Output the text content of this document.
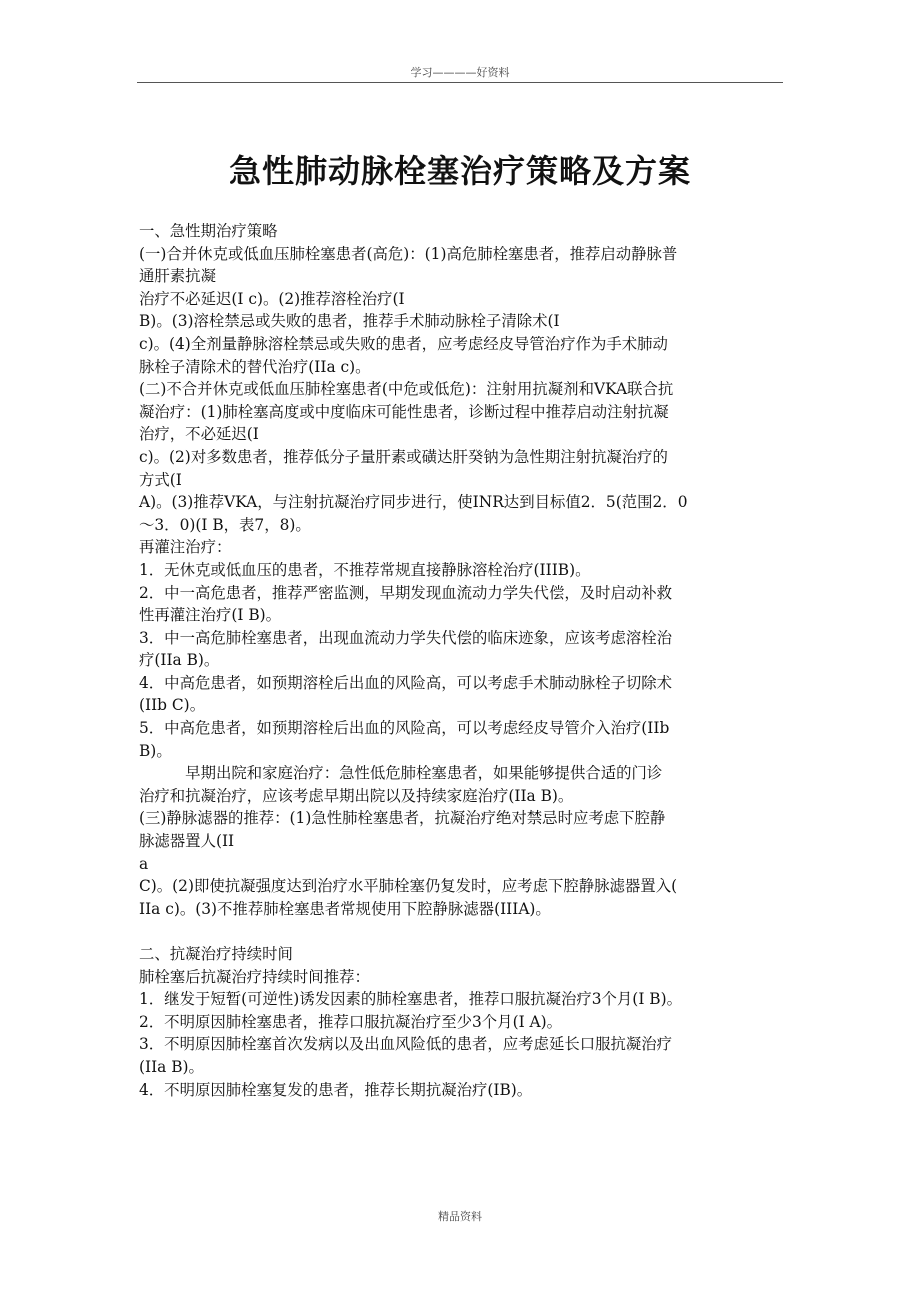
学习————好资料
急性肺动脉栓塞治疗策略及方案

一、急性期治疗策略

(一)合并休克或低血压肺栓塞患者(高危)：(1)高危肺栓塞患者，推荐启动静脉普

通肝素抗凝

治疗不必延迟(I c)。(2)推荐溶栓治疗(I

B)。(3)溶栓禁忌或失败的患者，推荐手术肺动脉栓子清除术(I

c)。(4)全剂量静脉溶栓禁忌或失败的患者，应考虑经皮导管治疗作为手术肺动

脉栓子清除术的替代治疗(IIa c)。

(二)不合并休克或低血压肺栓塞患者(中危或低危)：注射用抗凝剂和VKA联合抗

凝治疗：(1)肺栓塞高度或中度临床可能性患者，诊断过程中推荐启动注射抗凝

治疗，不必延迟(I

c)。(2)对多数患者，推荐低分子量肝素或磺达肝癸钠为急性期注射抗凝治疗的

方式(I

A)。(3)推荐VKA，与注射抗凝治疗同步进行，使INR达到目标值2．5(范围2．0

～3．0)(I B，表7，8)。

再灌注治疗：

1．无休克或低血压的患者，不推荐常规直接静脉溶栓治疗(IIIB)。

2．中一高危患者，推荐严密监测，早期发现血流动力学失代偿，及时启动补救

性再灌注治疗(I B)。

3．中一高危肺栓塞患者，出现血流动力学失代偿的临床迹象，应该考虑溶栓治

疗(IIa B)。

4．中高危患者，如预期溶栓后出血的风险高，可以考虑手术肺动脉栓子切除术

(IIb C)。

5．中高危患者，如预期溶栓后出血的风险高，可以考虑经皮导管介入治疗(IIb

B)。

　　　早期出院和家庭治疗：急性低危肺栓塞患者，如果能够提供合适的门诊

治疗和抗凝治疗，应该考虑早期出院以及持续家庭治疗(IIa B)。

(三)静脉滤器的推荐：(1)急性肺栓塞患者，抗凝治疗绝对禁忌时应考虑下腔静

脉滤器置人(II

a

C)。(2)即使抗凝强度达到治疗水平肺栓塞仍复发时，应考虑下腔静脉滤器置入(

IIa c)。(3)不推荐肺栓塞患者常规使用下腔静脉滤器(IIIA)。

二、抗凝治疗持续时间

肺栓塞后抗凝治疗持续时间推荐：

1．继发于短暂(可逆性)诱发因素的肺栓塞患者，推荐口服抗凝治疗3个月(I B)。

2．不明原因肺栓塞患者，推荐口服抗凝治疗至少3个月(I A)。

3．不明原因肺栓塞首次发病以及出血风险低的患者，应考虑延长口服抗凝治疗

(IIa B)。

4．不明原因肺栓塞复发的患者，推荐长期抗凝治疗(IB)。

精品资料
